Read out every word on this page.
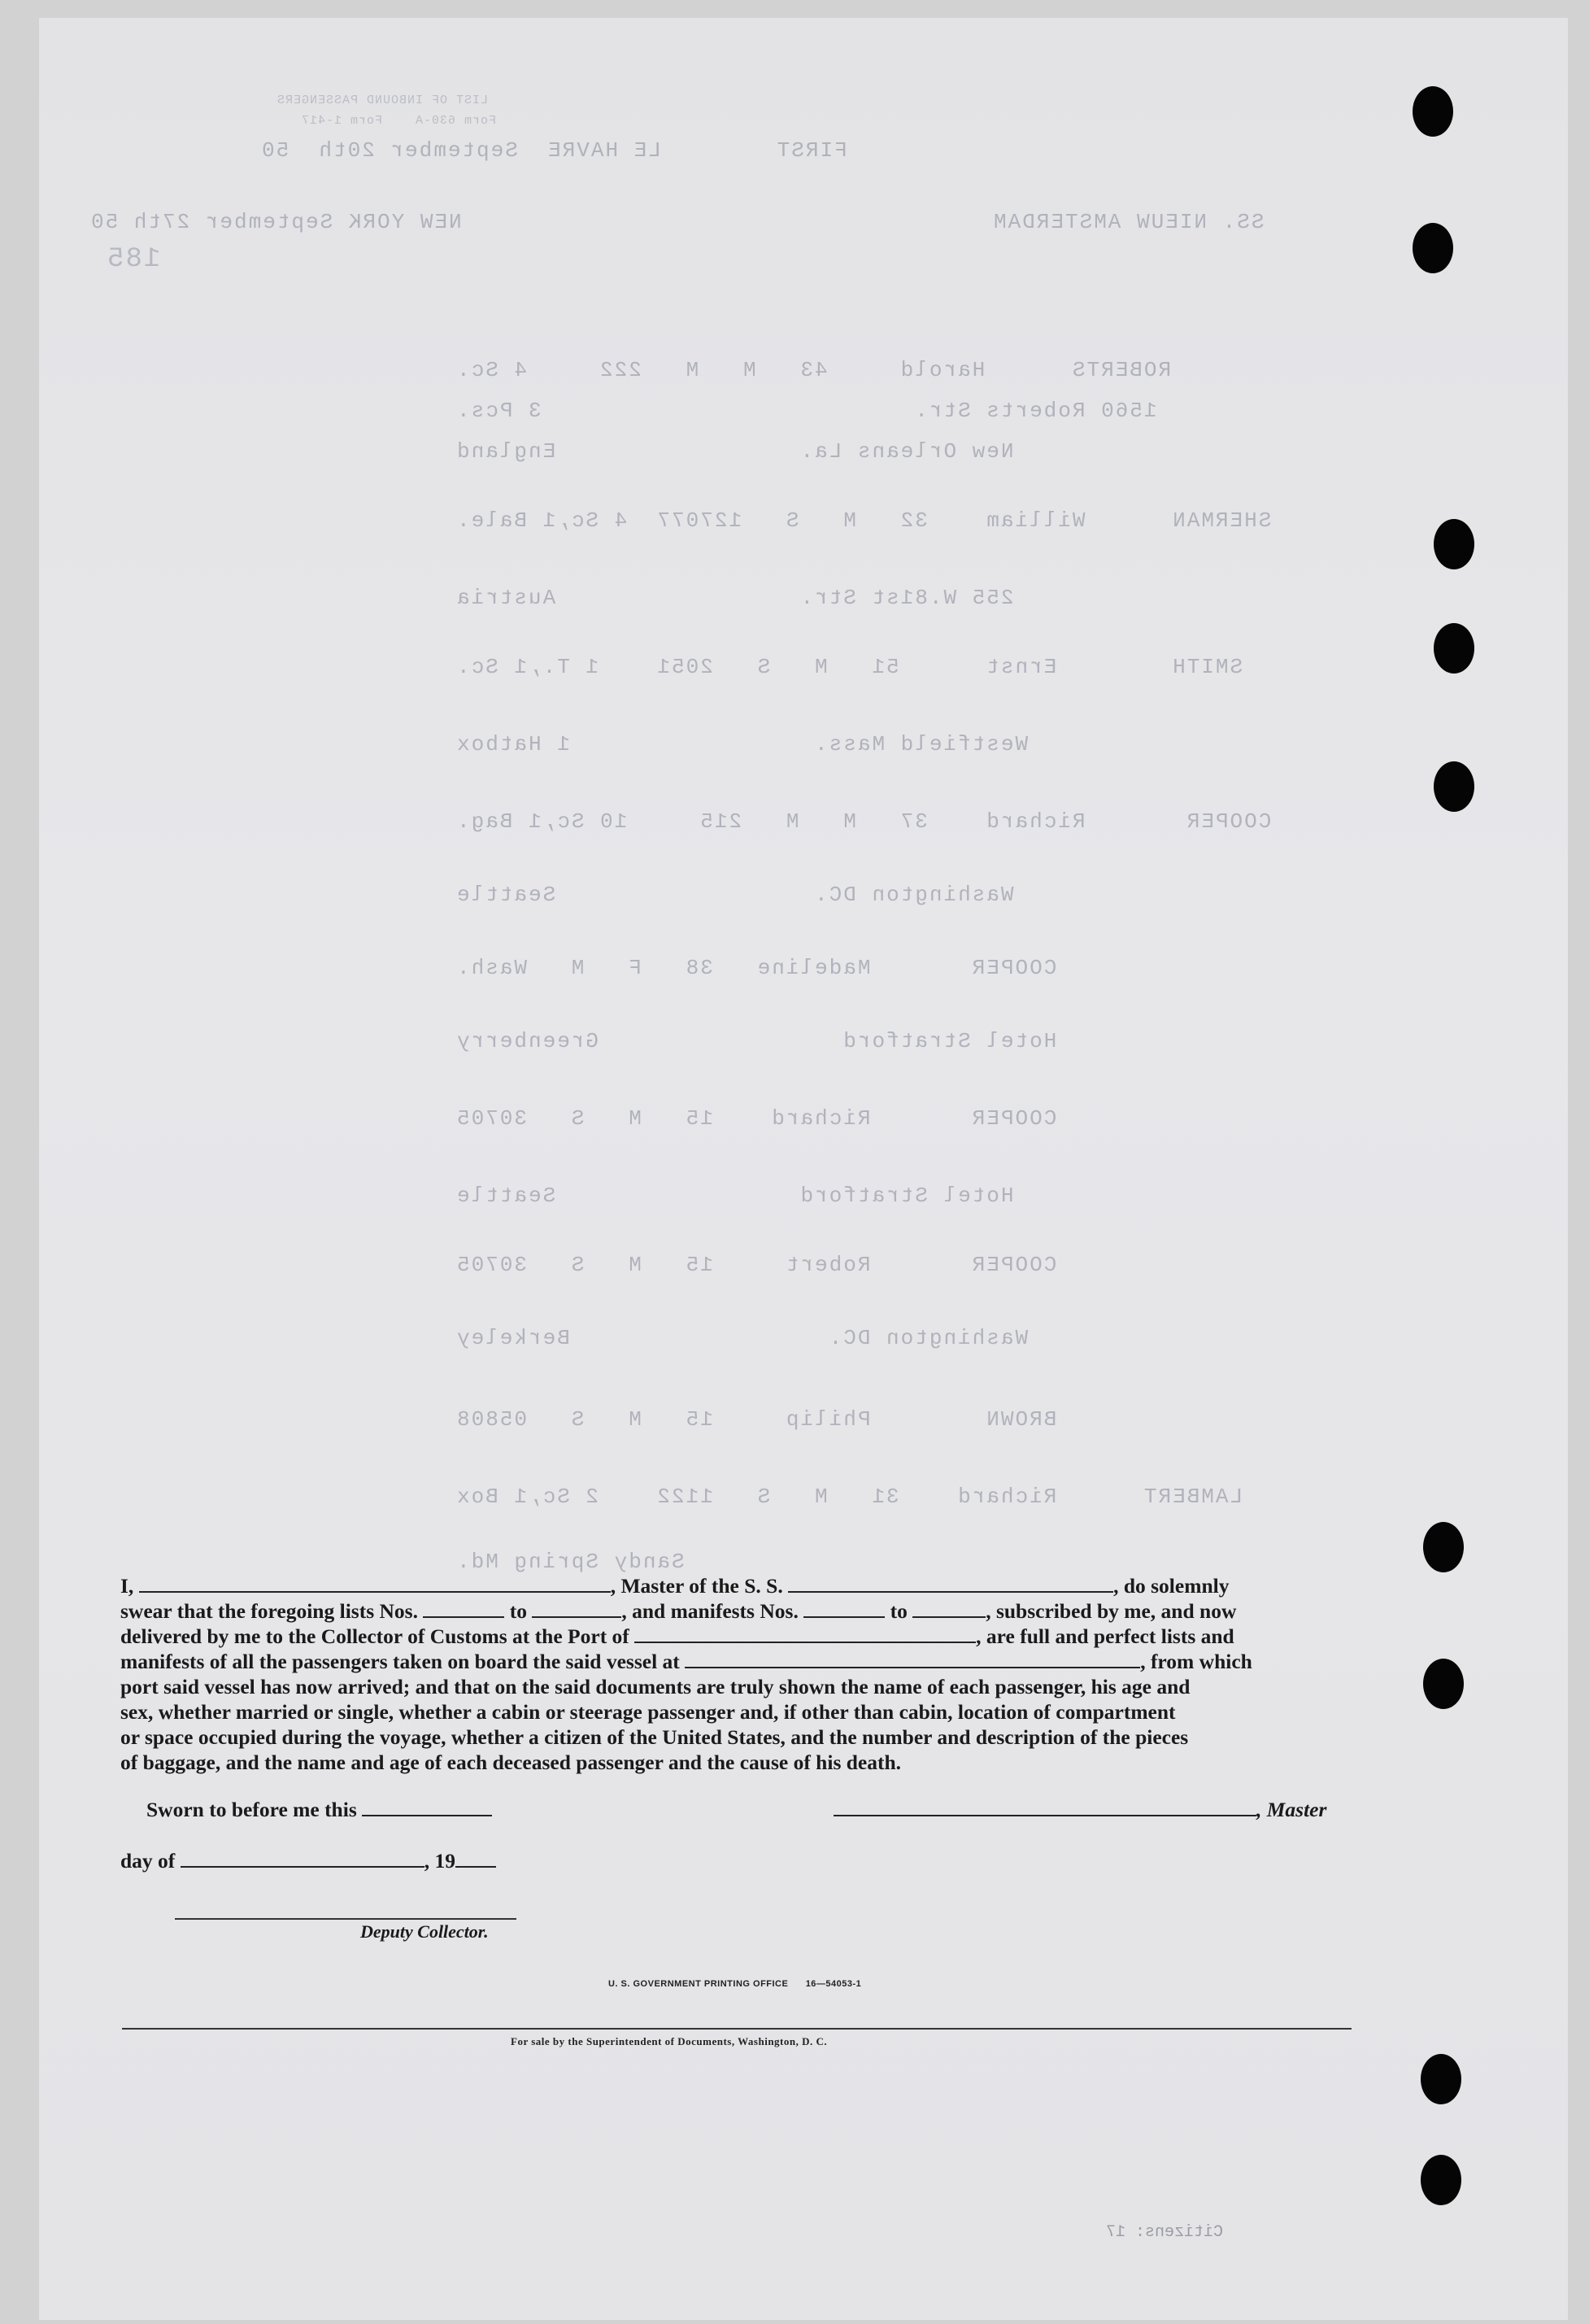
LIST OF INBOUND PASSENGERS
Form 630-A    Form 1-417
FIRST        LE HAVRE  September 20th  50
SS. NIEUW AMSTERDAM
NEW YORK September 27th 50
185
ROBERTS      Harold     43   M   M   222     4 Sc.
1560 Roberts Str.                          3 Pcs.
New Orleans La.                 England
SHERMAN      William    32   M   S   127077  4 Sc,1 Bale.
255 W.81st Str.                 Austria
SMITH        Ernst      51   M   S   2051    1 T.,1 Sc.
Westfield Mass.                 1 Hatbox
COOPER       Richard    37   M   M   215     10 Sc,1 Bag.
Washington DC.                  Seattle
COOPER       Madeline   38   F   M   Wash.
Hotel Stratford                 Greenberry
COOPER       Richard    15   M   S   30705
Hotel Stratford                 Seattle
COOPER       Robert     15   M   S   30705
Washington DC.                  Berkeley
BROWN        Philip     15   M   S   05808
LAMBERT      Richard    31   M   S   1122    2 Sc,1 Box
Sandy Spring Md.
I,	, Master of the S. S.	, do solemnly
swear that the foregoing lists Nos.	to	, and manifests Nos.	to	, subscribed by me, and now
delivered by me to the Collector of Customs at the Port of	, are full and perfect lists and
manifests of all the passengers taken on board the said vessel at	, from which
port said vessel has now arrived; and that on the said documents are truly shown the name of each passenger, his age and
sex, whether married or single, whether a cabin or steerage passenger and, if other than cabin, location of compartment
or space occupied during the voyage, whether a citizen of the United States, and the number and description of the pieces
of baggage, and the name and age of each deceased passenger and the cause of his death.
Sworn to before me this	, Master
day of	, 19
Deputy Collector.
U. S. GOVERNMENT PRINTING OFFICE 16—54053-1
For sale by the Superintendent of Documents, Washington, D. C.
Citizens: 17
